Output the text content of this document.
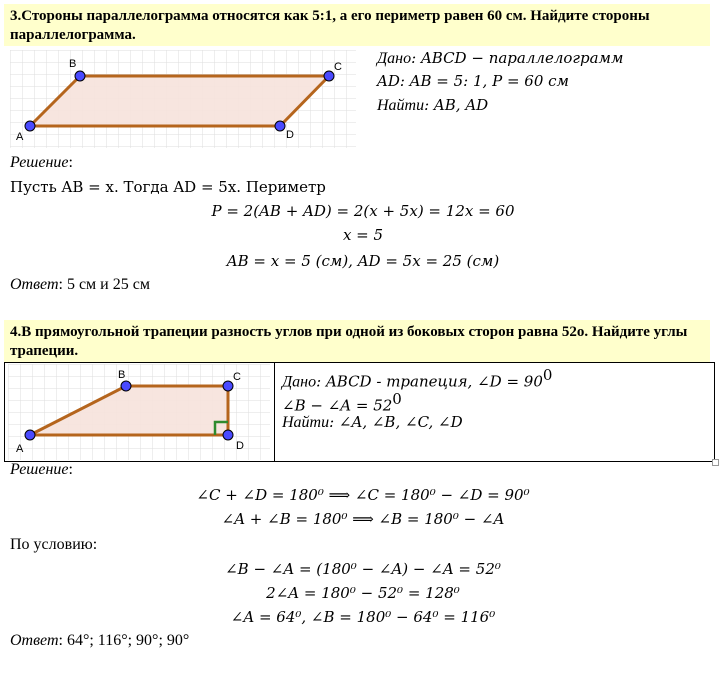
3.Стороны параллелограмма относятся как 5:1, а его периметр равен 60 см. Найдите стороны параллелограмма.
A
B	C
D
Дано: ABCD − параллелограмм
AD: AB = 5: 1, P = 60 см
Найти: AB, AD
Решение:
Пусть AB = x. Тогда AD = 5x. Периметр
P = 2(AB + AD) = 2(x + 5x) = 12x = 60
x = 5
AB = x = 5 (см), AD = 5x = 25 (см)
Ответ: 5 см и 25 см
4.В прямоугольной трапеции разность углов при одной из боковых сторон равна 52о. Найдите углы трапеции.
A
B	C
D
Дано: ABCD - трапеция, ∠D = $90^0$
∠B − ∠A = $52^0$
Найти: ∠A, ∠B, ∠C, ∠D
Решение:
∠C + ∠D = 180⁰ ⟹ ∠C = 180⁰ − ∠D = 90⁰
∠A + ∠B = 180⁰ ⟹ ∠B = 180⁰ − ∠A
По условию:
∠B − ∠A = (180⁰ − ∠A) − ∠A = 52⁰
2∠A = 180⁰ − 52⁰ = 128⁰
∠A = 64⁰, ∠B = 180⁰ − 64⁰ = 116⁰
Ответ: 64°; 116°; 90°; 90°
